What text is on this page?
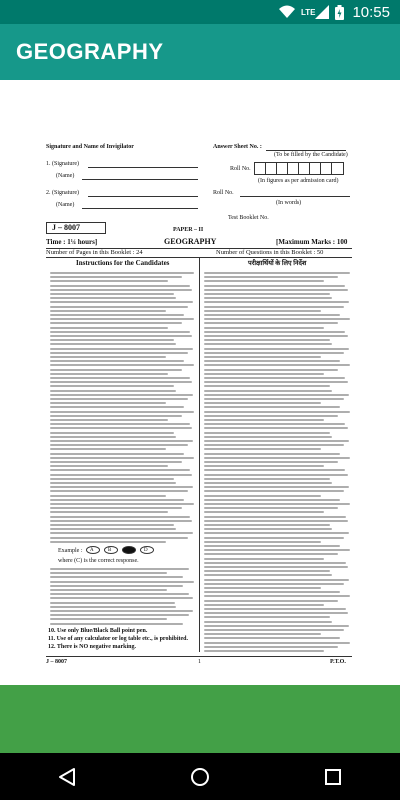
LTE 10:55
GEOGRAPHY
Signature and Name of Invigilator
1. (Signature)
(Name)
2. (Signature)
(Name)
Answer Sheet No. :
(To be filled by the Candidate)
Roll No.
(In figures as per admission card)
Roll No.
(In words)
Test Booklet No.
J – 8007	PAPER – II
Time : 1¼ hours]	GEOGRAPHY	[Maximum Marks : 100
Number of Pages in this Booklet : 24	Number of Questions in this Booklet : 50
Instructions for the Candidates	परीक्षार्थियों के लिए निर्देश
Example : A	B	D
where (C) is the correct response.
10. Use only Blue/Black Ball point pen.
11. Use of any calculator or log table etc., is prohibited.
12. There is NO negative marking.
J – 8007	1	P.T.O.
